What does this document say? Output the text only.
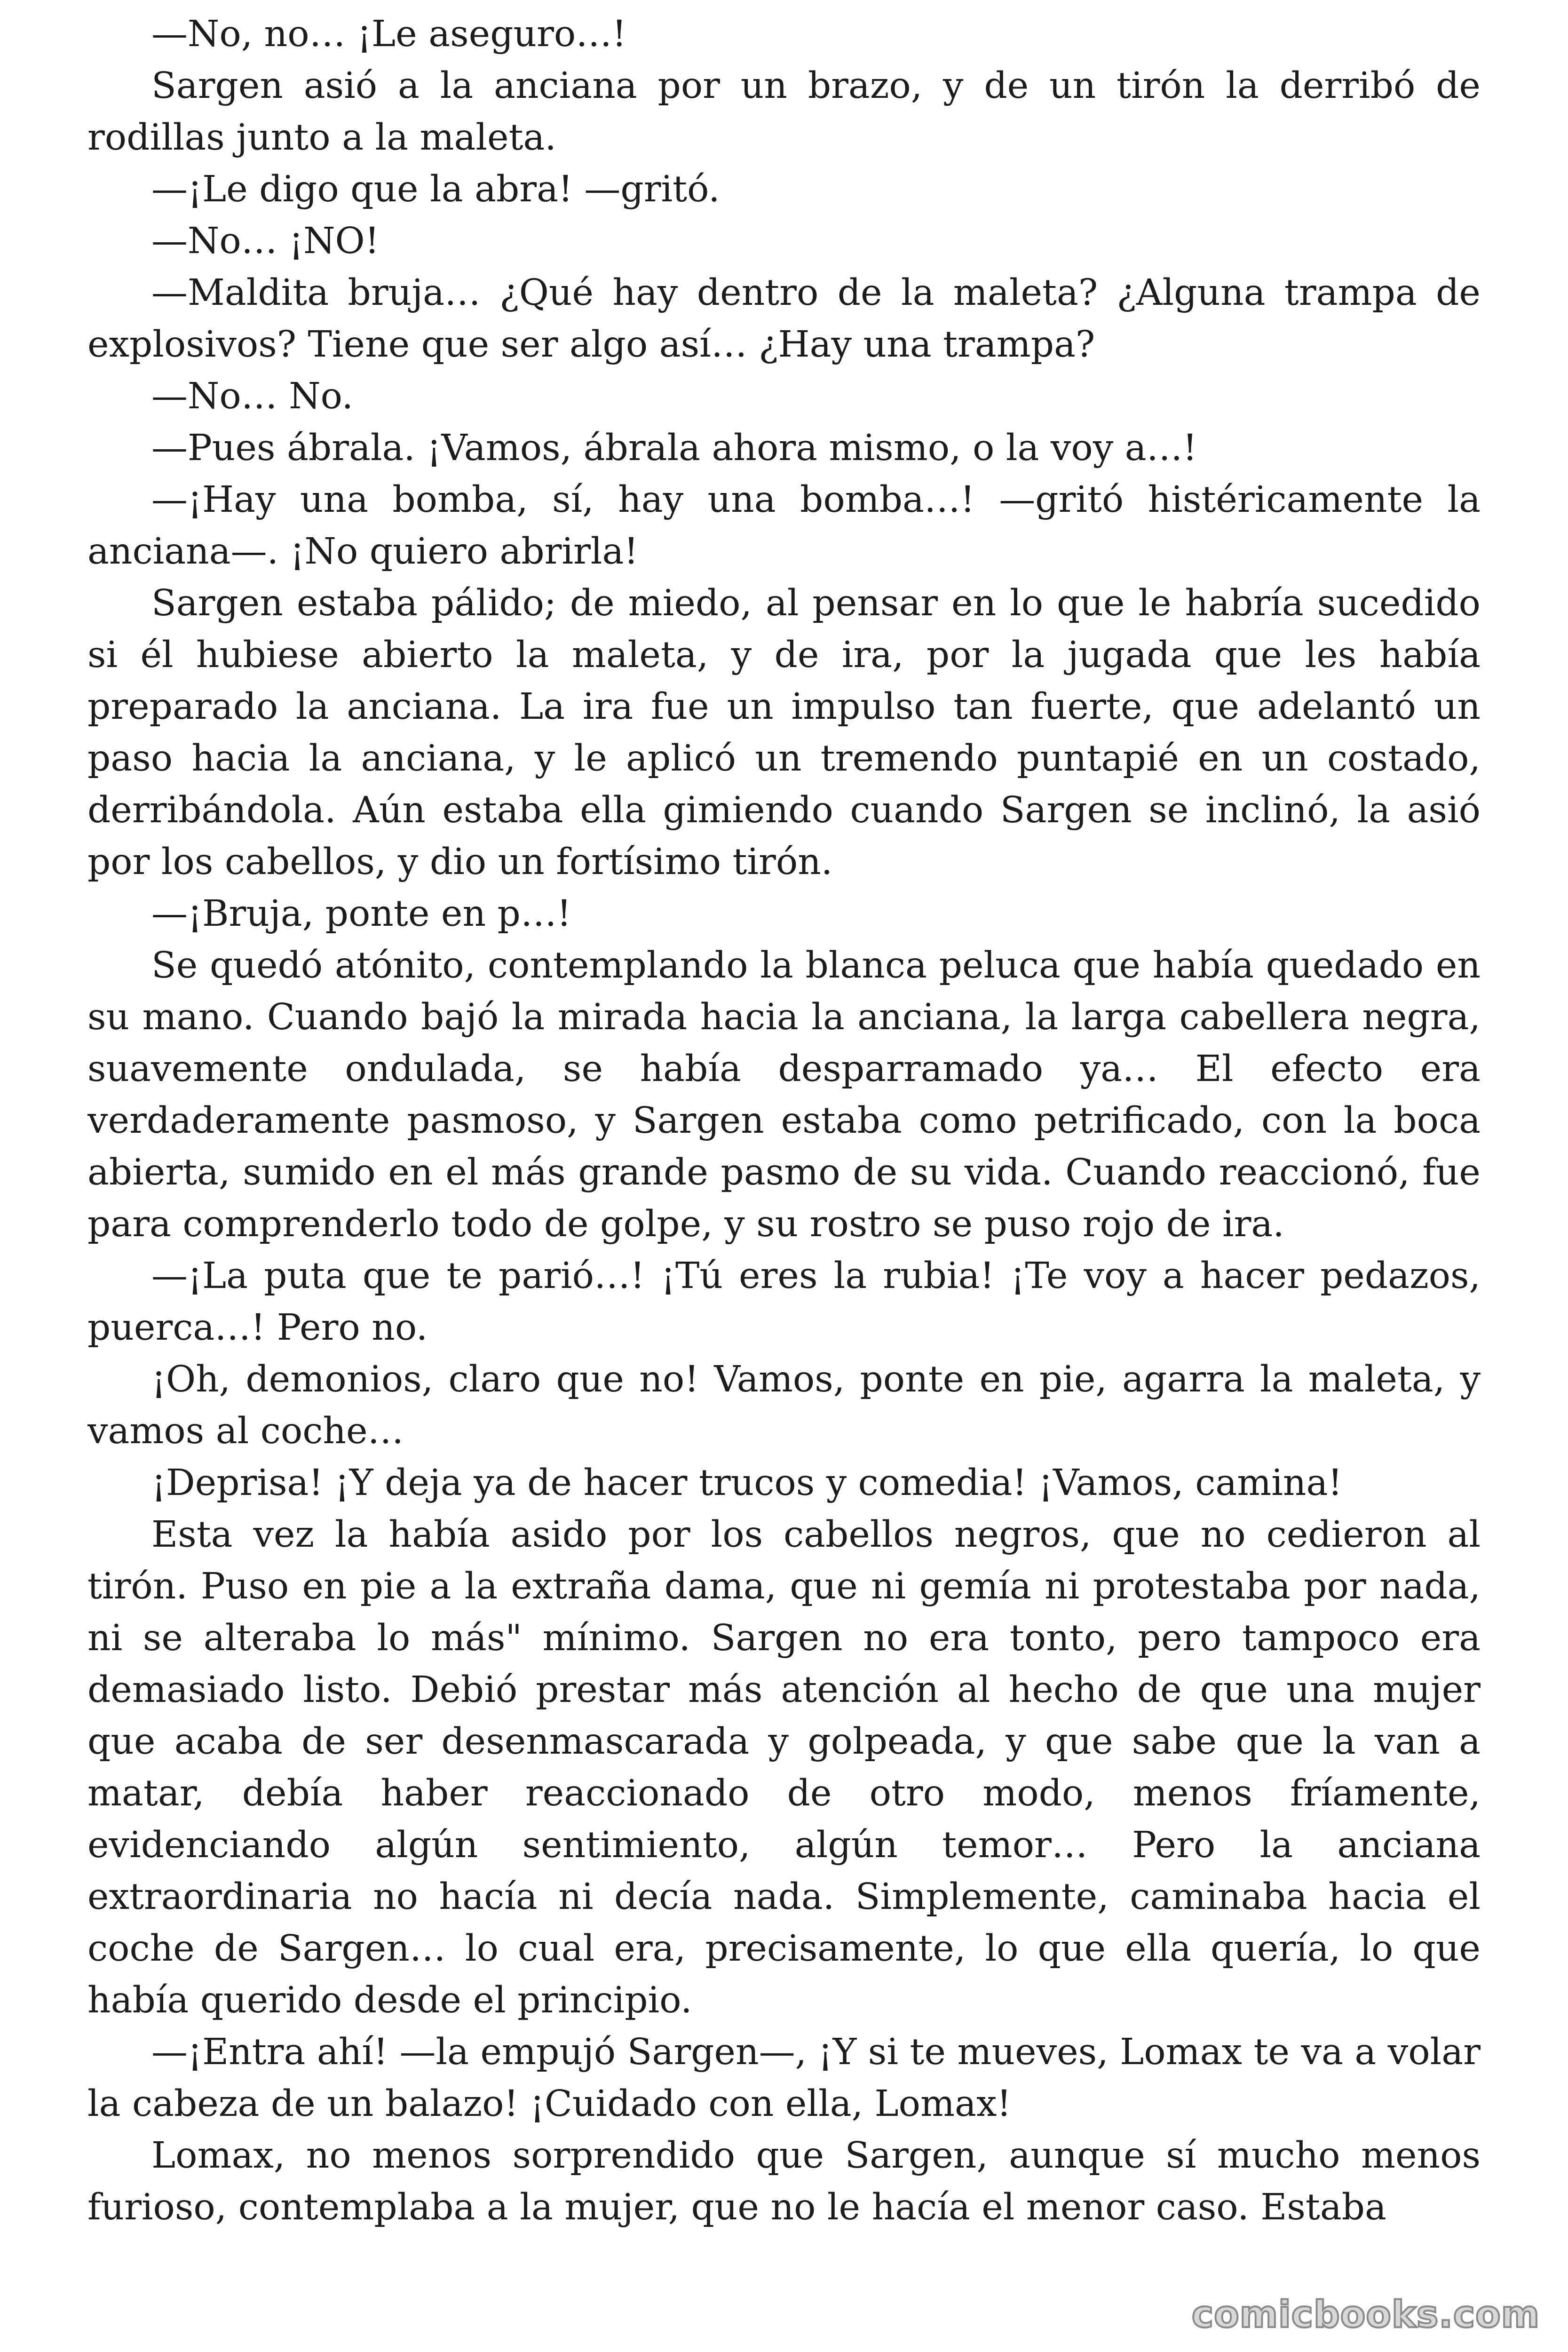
—No, no… ¡Le aseguro…!

Sargen asió a la anciana por un brazo, y de un tirón la derribó de rodillas junto a la maleta.

—¡Le digo que la abra! —gritó.

—No… ¡NO!

—Maldita bruja… ¿Qué hay dentro de la maleta? ¿Alguna trampa de explosivos? Tiene que ser algo así… ¿Hay una trampa?

—No… No.

—Pues ábrala. ¡Vamos, ábrala ahora mismo, o la voy a…!

—¡Hay una bomba, sí, hay una bomba…! —gritó histéricamente la anciana—. ¡No quiero abrirla!

Sargen estaba pálido; de miedo, al pensar en lo que le habría sucedido si él hubiese abierto la maleta, y de ira, por la jugada que les había preparado la anciana. La ira fue un impulso tan fuerte, que adelantó un paso hacia la anciana, y le aplicó un tremendo puntapié en un costado, derribándola. Aún estaba ella gimiendo cuando Sargen se inclinó, la asió por los cabellos, y dio un fortísimo tirón.

—¡Bruja, ponte en p…!

Se quedó atónito, contemplando la blanca peluca que había quedado en su mano. Cuando bajó la mirada hacia la anciana, la larga cabellera negra, suavemente ondulada, se había desparramado ya… El efecto era verdaderamente pasmoso, y Sargen estaba como petrificado, con la boca abierta, sumido en el más grande pasmo de su vida. Cuando reaccionó, fue para comprenderlo todo de golpe, y su rostro se puso rojo de ira.

—¡La puta que te parió…! ¡Tú eres la rubia! ¡Te voy a hacer pedazos, puerca…! Pero no.

¡Oh, demonios, claro que no! Vamos, ponte en pie, agarra la maleta, y vamos al coche…

¡Deprisa! ¡Y deja ya de hacer trucos y comedia! ¡Vamos, camina!

Esta vez la había asido por los cabellos negros, que no cedieron al tirón. Puso en pie a la extraña dama, que ni gemía ni protestaba por nada, ni se alteraba lo más" mínimo. Sargen no era tonto, pero tampoco era demasiado listo. Debió prestar más atención al hecho de que una mujer que acaba de ser desenmascarada y golpeada, y que sabe que la van a matar, debía haber reaccionado de otro modo, menos fríamente, evidenciando algún sentimiento, algún temor… Pero la anciana extraordinaria no hacía ni decía nada. Simplemente, caminaba hacia el coche de Sargen… lo cual era, precisamente, lo que ella quería, lo que había querido desde el principio.

—¡Entra ahí! —la empujó Sargen—, ¡Y si te mueves, Lomax te va a volar la cabeza de un balazo! ¡Cuidado con ella, Lomax!

Lomax, no menos sorprendido que Sargen, aunque sí mucho menos furioso, contemplaba a la mujer, que no le hacía el menor caso. Estaba

comicbooks.com
